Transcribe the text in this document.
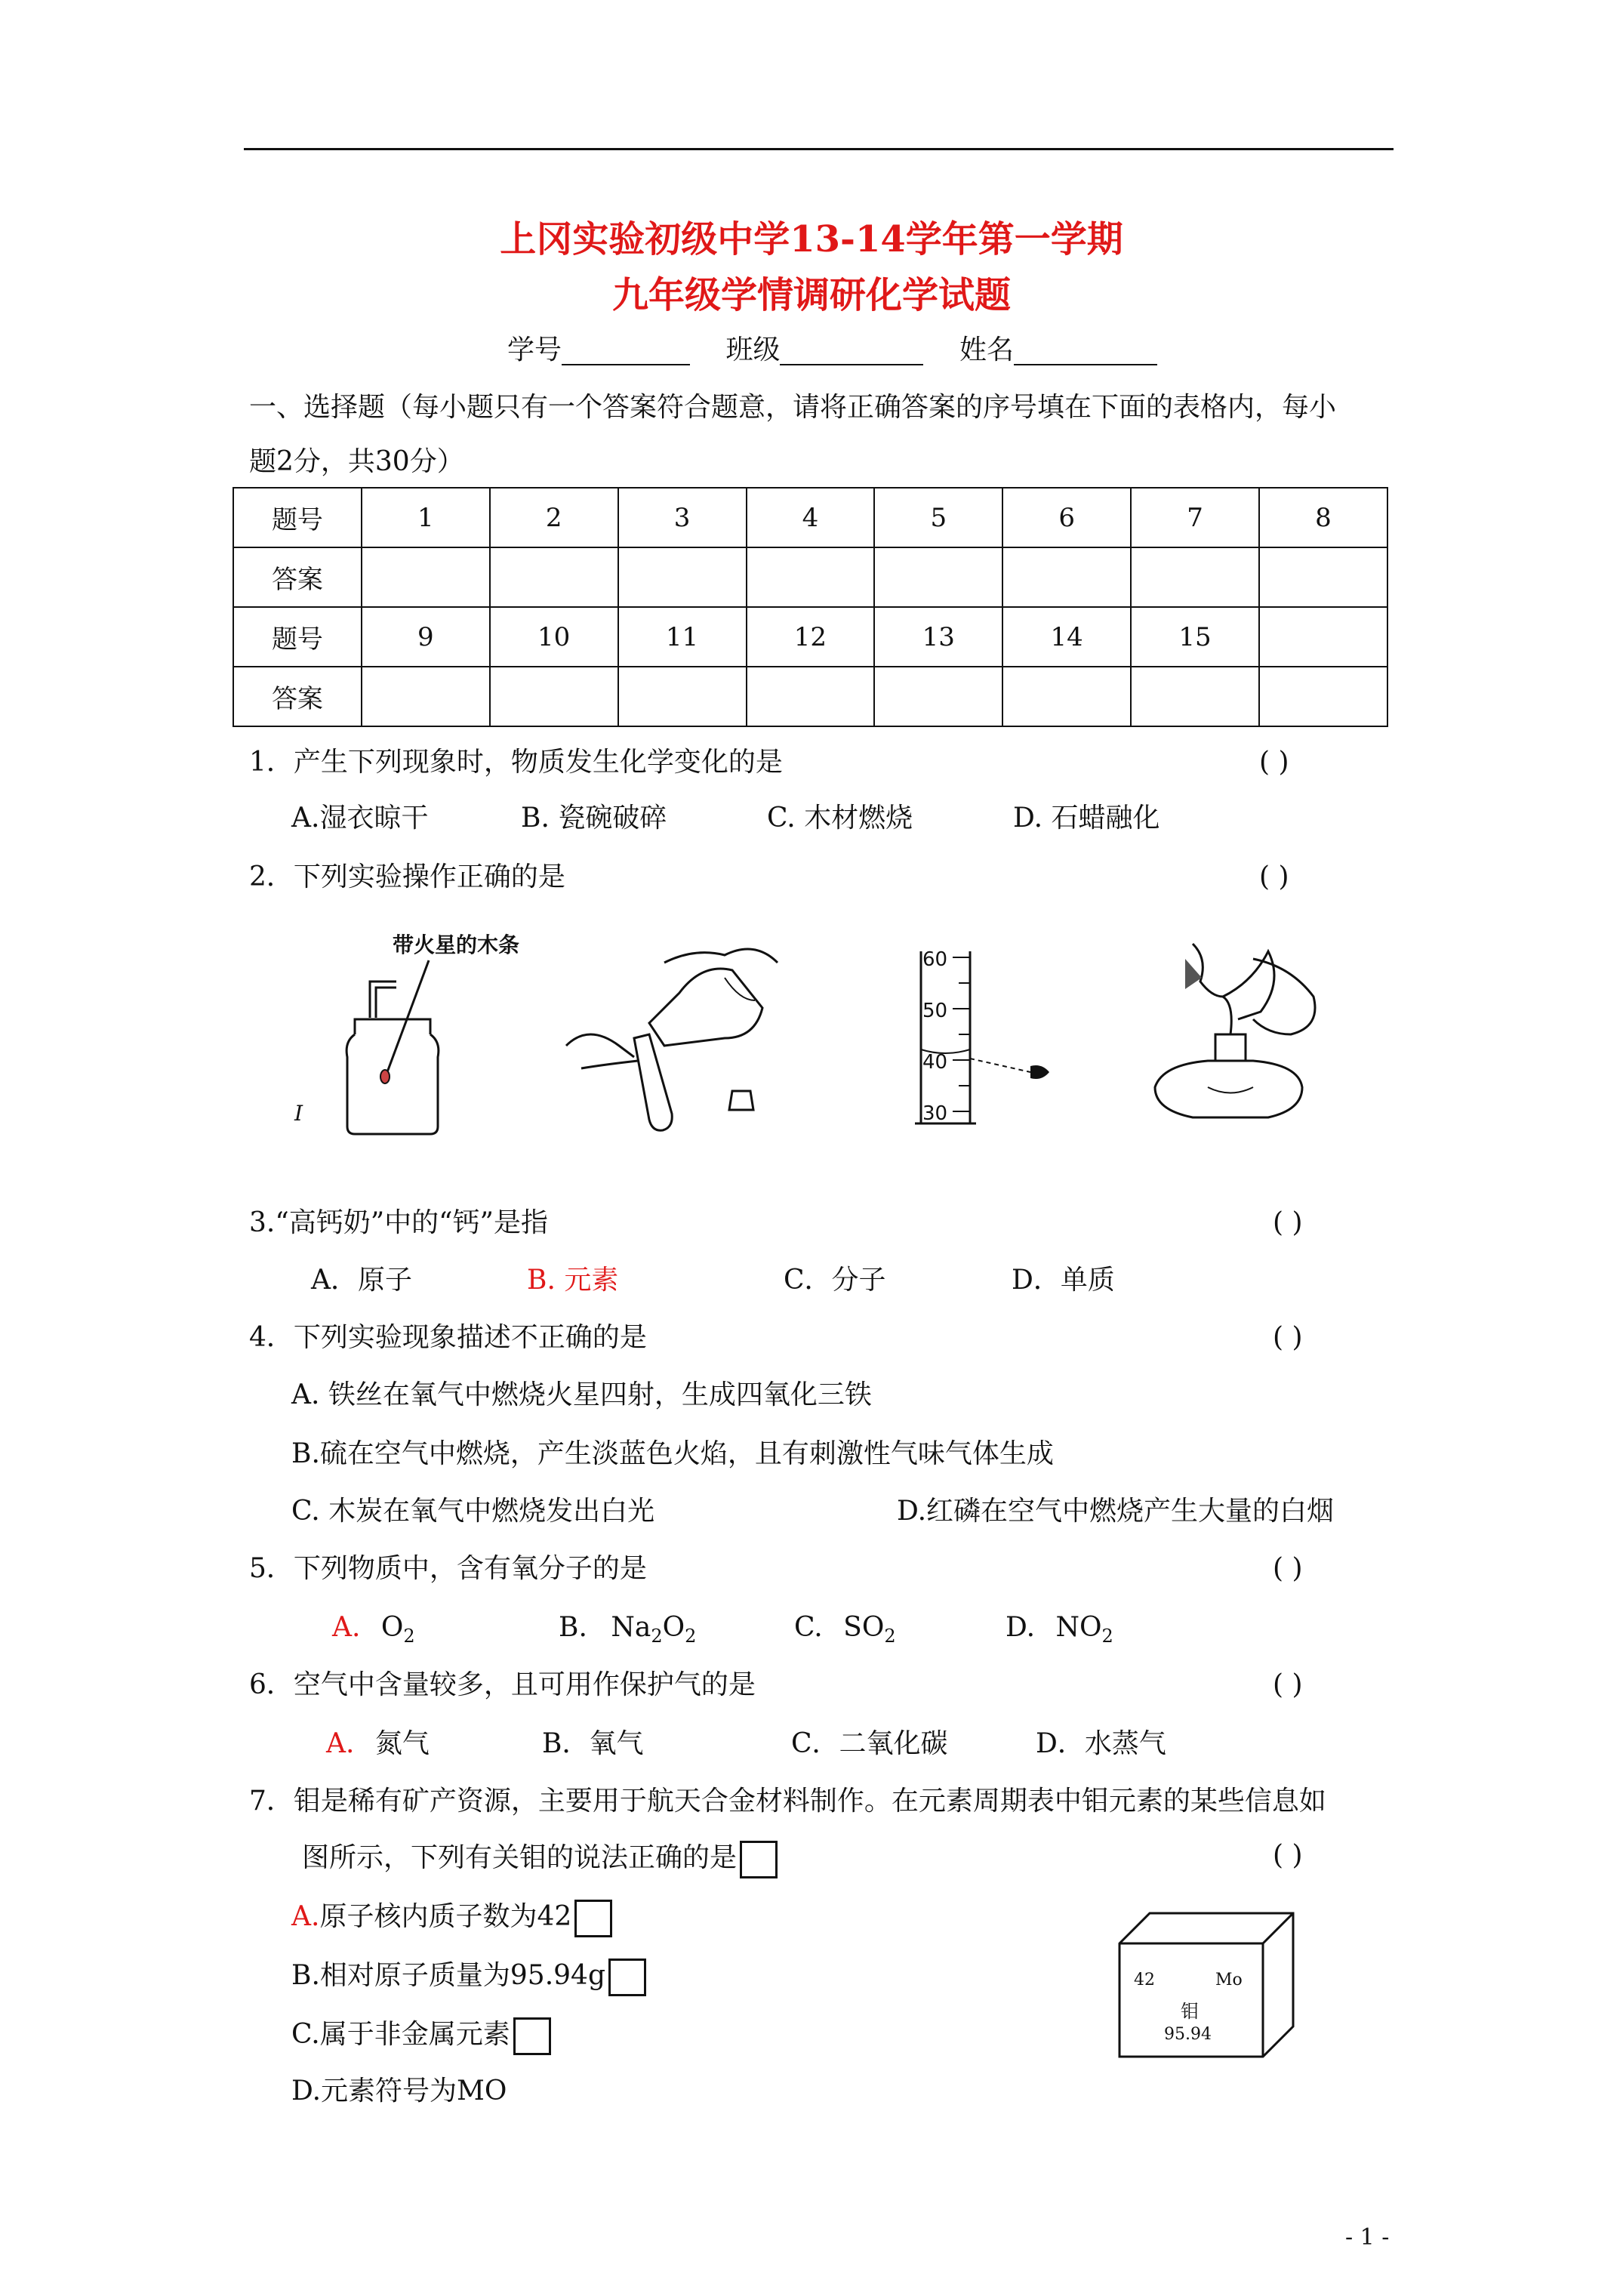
上冈实验初级中学13-14学年第一学期
九年级学情调研化学试题
学号	班级	姓名
一、选择题（每小题只有一个答案符合题意，请将正确答案的序号填在下面的表格内，每小
题2分，共30分）
题号	1	2	3	4	5	6	7	8
答案								
题号	9	10	11	12	13	14	15	
答案								
1．产生下列现象时，物质发生化学变化的是	( )
A.湿衣晾干	B. 瓷碗破碎	C. 木材燃烧	D. 石蜡融化
2．下列实验操作正确的是	( )
带火星的木条
I
60
50
40
30
3.“高钙奶”中的“钙”是指	( )
A．原子	B. 元素	C．分子	D．单质
4．下列实验现象描述不正确的是	( )
A. 铁丝在氧气中燃烧火星四射，生成四氧化三铁
B.硫在空气中燃烧，产生淡蓝色火焰，且有刺激性气味气体生成
C. 木炭在氧气中燃烧发出白光	D.红磷在空气中燃烧产生大量的白烟
5．下列物质中，含有氧分子的是	( )
A. $O_2$	B. $Na_2O_2$	C. $SO_2$	D. $NO_2$
6．空气中含量较多，且可用作保护气的是	( )
A. 氮气	B．氧气	C．二氧化碳	D．水蒸气
7．钼是稀有矿产资源，主要用于航天合金材料制作。在元素周期表中钼元素的某些信息如
图所示，下列有关钼的说法正确的是	( )
A.原子核内质子数为42
B.相对原子质量为95.94g
C.属于非金属元素
D.元素符号为MO
42	Mo
钼
95.94
- 1 -
